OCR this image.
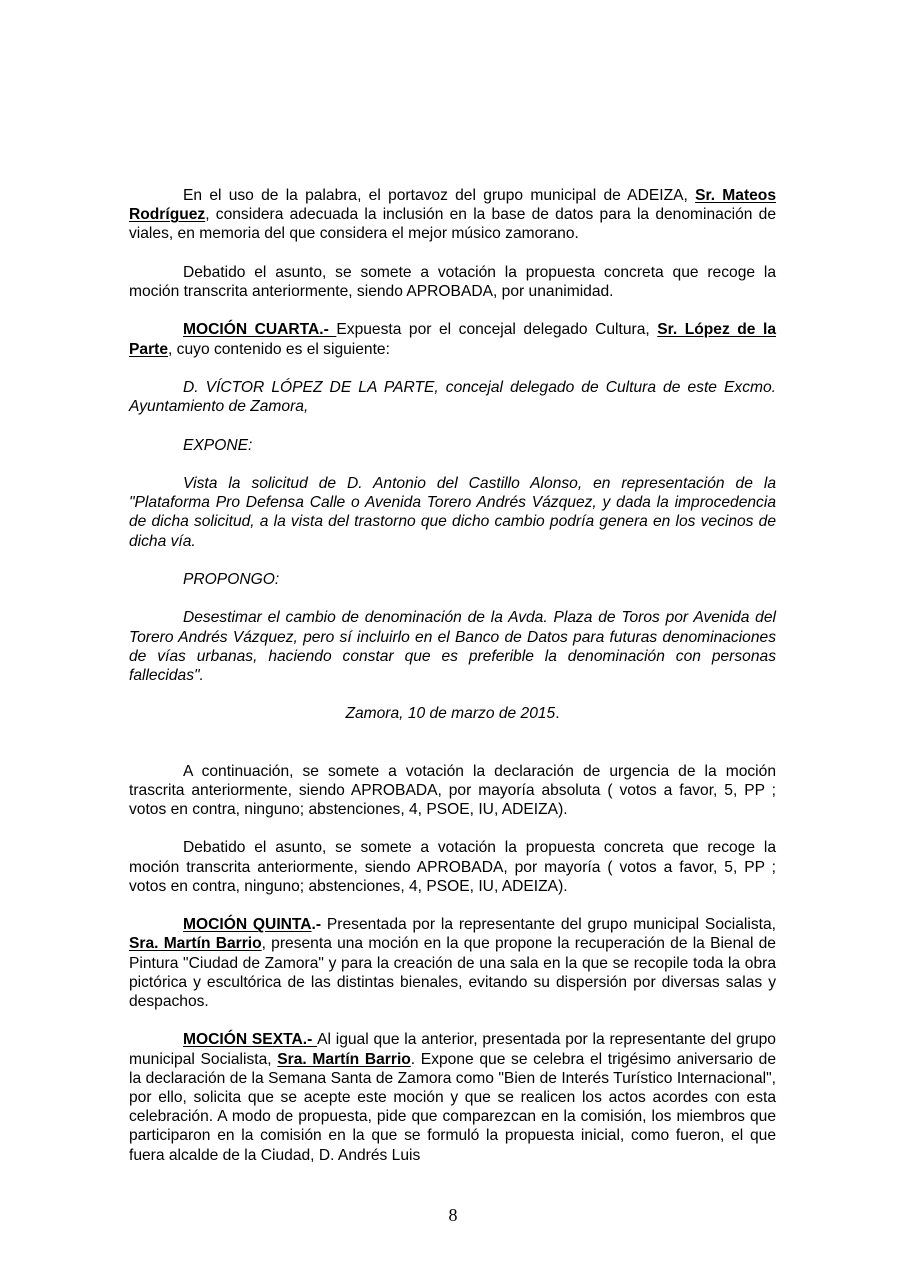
En el uso de la palabra, el portavoz del grupo municipal de ADEIZA, Sr. Mateos Rodríguez, considera adecuada la inclusión en la base de datos para la denominación de viales, en memoria del que considera el mejor músico zamorano.

Debatido el asunto, se somete a votación la propuesta concreta que recoge la moción transcrita anteriormente, siendo APROBADA, por unanimidad.

MOCIÓN CUARTA.- Expuesta por el concejal delegado Cultura, Sr. López de la Parte, cuyo contenido es el siguiente:

D. VÍCTOR LÓPEZ DE LA PARTE, concejal delegado de Cultura de este Excmo. Ayuntamiento de Zamora,

EXPONE:

Vista la solicitud de D. Antonio del Castillo Alonso, en representación de la "Plataforma Pro Defensa Calle o Avenida Torero Andrés Vázquez, y dada la improcedencia de dicha solicitud, a la vista del trastorno que dicho cambio podría genera en los vecinos de dicha vía.

PROPONGO:

Desestimar el cambio de denominación de la Avda. Plaza de Toros por Avenida del Torero Andrés Vázquez, pero sí incluirlo en el Banco de Datos para futuras denominaciones de vías urbanas, haciendo constar que es preferible la denominación con personas fallecidas".

Zamora, 10 de marzo de 2015.

A continuación, se somete a votación la declaración de urgencia de la moción trascrita anteriormente, siendo APROBADA, por mayoría absoluta ( votos a favor, 5, PP ; votos en contra, ninguno; abstenciones, 4, PSOE, IU, ADEIZA).

Debatido el asunto, se somete a votación la propuesta concreta que recoge la moción transcrita anteriormente, siendo APROBADA, por mayoría ( votos a favor, 5, PP ; votos en contra, ninguno; abstenciones, 4, PSOE, IU, ADEIZA).

MOCIÓN QUINTA.- Presentada por la representante del grupo municipal Socialista, Sra. Martín Barrio, presenta una moción en la que propone la recuperación de la Bienal de Pintura "Ciudad de Zamora" y para la creación de una sala en la que se recopile toda la obra pictórica y escultórica de las distintas bienales, evitando su dispersión por diversas salas y despachos.

MOCIÓN SEXTA.- Al igual que la anterior, presentada por la representante del grupo municipal Socialista, Sra. Martín Barrio. Expone que se celebra el trigésimo aniversario de la declaración de la Semana Santa de Zamora como "Bien de Interés Turístico Internacional", por ello, solicita que se acepte este moción y que se realicen los actos acordes con esta celebración. A modo de propuesta, pide que comparezcan en la comisión, los miembros que participaron en la comisión en la que se formuló la propuesta inicial, como fueron, el que fuera alcalde de la Ciudad, D. Andrés Luis

8
